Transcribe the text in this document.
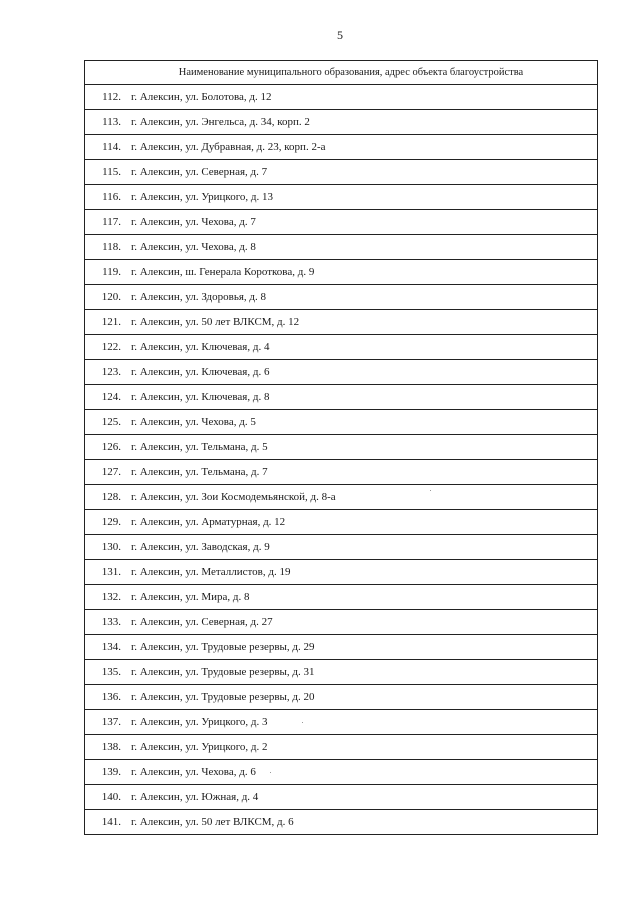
5
Наименование муниципального образования, адрес объекта благоустройства
112. г. Алексин, ул. Болотова, д. 12
113. г. Алексин, ул. Энгельса, д. 34, корп. 2
114. г. Алексин, ул. Дубравная, д. 23, корп. 2-а
115. г. Алексин, ул. Северная, д. 7
116. г. Алексин, ул. Урицкого, д. 13
117. г. Алексин, ул. Чехова, д. 7
118. г. Алексин, ул. Чехова, д. 8
119. г. Алексин, ш. Генерала Короткова, д. 9
120. г. Алексин, ул. Здоровья, д. 8
121. г. Алексин, ул. 50 лет ВЛКСМ, д. 12
122. г. Алексин, ул. Ключевая, д. 4
123. г. Алексин, ул. Ключевая, д. 6
124. г. Алексин, ул. Ключевая, д. 8
125. г. Алексин, ул. Чехова, д. 5
126. г. Алексин, ул. Тельмана, д. 5
127. г. Алексин, ул. Тельмана, д. 7
128. г. Алексин, ул. Зои Космодемьянской, д. 8-а
129. г. Алексин, ул. Арматурная, д. 12
130. г. Алексин, ул. Заводская, д. 9
131. г. Алексин, ул. Металлистов, д. 19
132. г. Алексин, ул. Мира, д. 8
133. г. Алексин, ул. Северная, д. 27
134. г. Алексин, ул. Трудовые резервы, д. 29
135. г. Алексин, ул. Трудовые резервы, д. 31
136. г. Алексин, ул. Трудовые резервы, д. 20
137. г. Алексин, ул. Урицкого, д. 3
138. г. Алексин, ул. Урицкого, д. 2
139. г. Алексин, ул. Чехова, д. 6
140. г. Алексин, ул. Южная, д. 4
141. г. Алексин, ул. 50 лет ВЛКСМ, д. 6
